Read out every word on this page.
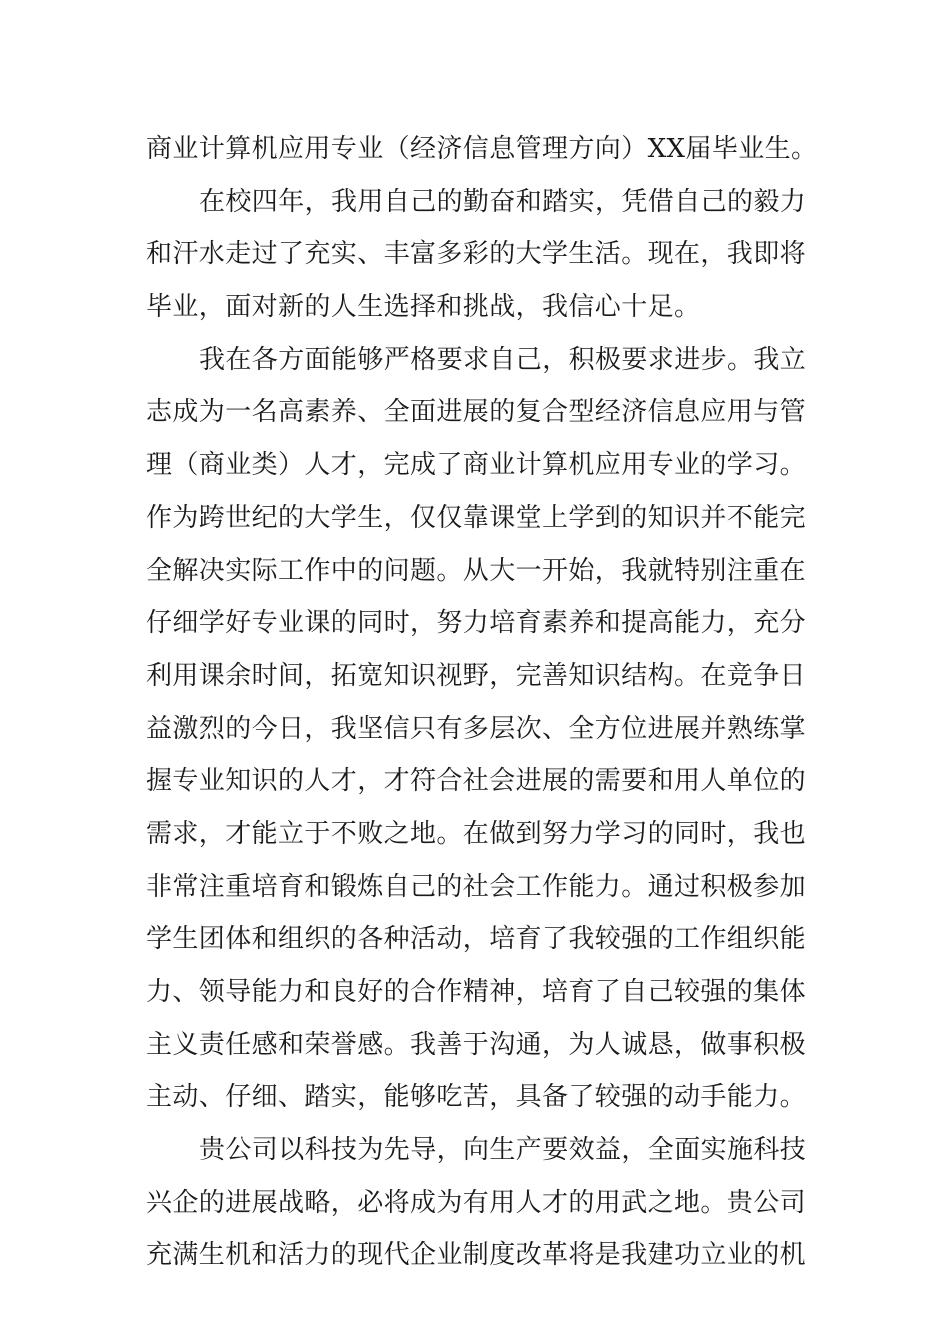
商业计算机应用专业（经济信息管理方向）XX届毕业生。
在校四年，我用自己的勤奋和踏实，凭借自己的毅力
和汗水走过了充实、丰富多彩的大学生活。现在，我即将
毕业，面对新的人生选择和挑战，我信心十足。
我在各方面能够严格要求自己，积极要求进步。我立
志成为一名高素养、全面进展的复合型经济信息应用与管
理（商业类）人才，完成了商业计算机应用专业的学习。
作为跨世纪的大学生，仅仅靠课堂上学到的知识并不能完
全解决实际工作中的问题。从大一开始，我就特别注重在
仔细学好专业课的同时，努力培育素养和提高能力，充分
利用课余时间，拓宽知识视野，完善知识结构。在竞争日
益激烈的今日，我坚信只有多层次、全方位进展并熟练掌
握专业知识的人才，才符合社会进展的需要和用人单位的
需求，才能立于不败之地。在做到努力学习的同时，我也
非常注重培育和锻炼自己的社会工作能力。通过积极参加
学生团体和组织的各种活动，培育了我较强的工作组织能
力、领导能力和良好的合作精神，培育了自己较强的集体
主义责任感和荣誉感。我善于沟通，为人诚恳，做事积极
主动、仔细、踏实，能够吃苦，具备了较强的动手能力。
贵公司以科技为先导，向生产要效益，全面实施科技
兴企的进展战略，必将成为有用人才的用武之地。贵公司
充满生机和活力的现代企业制度改革将是我建功立业的机
